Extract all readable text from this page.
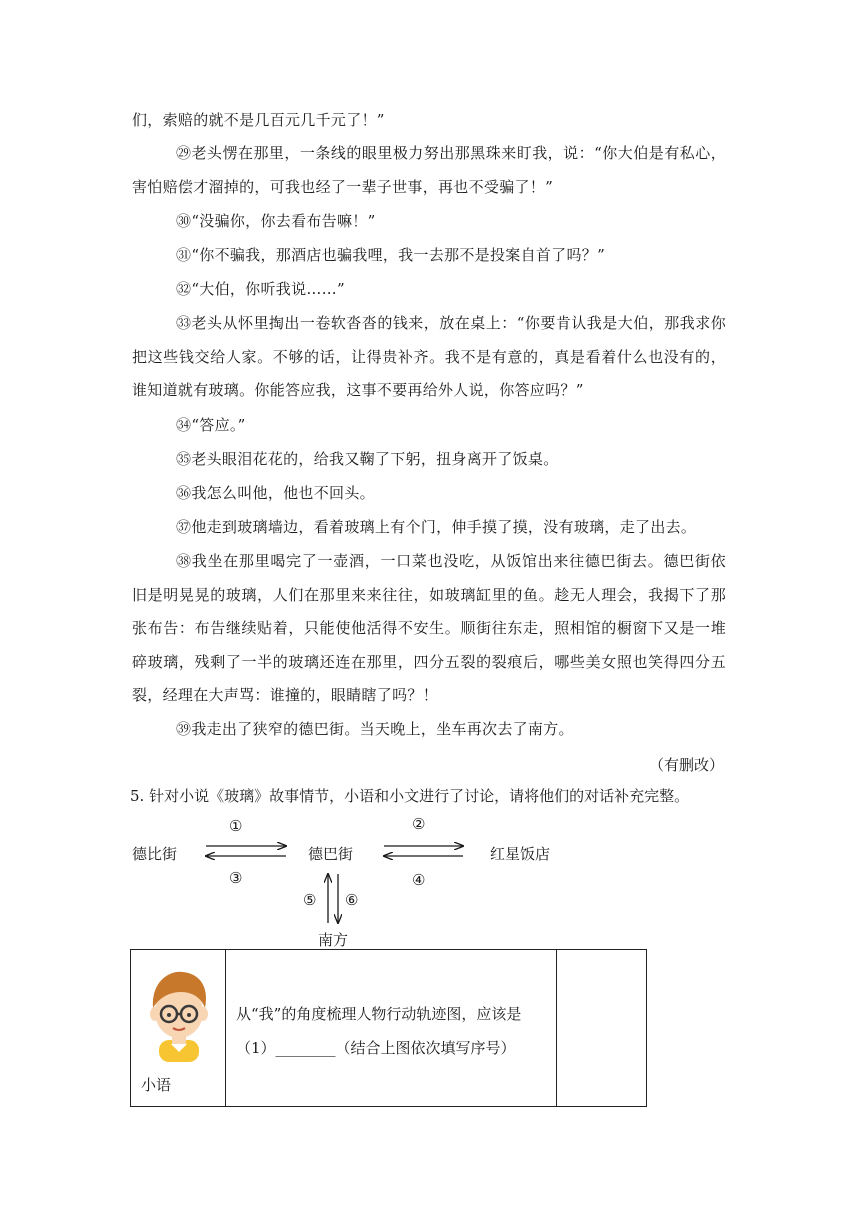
们，索赔的就不是几百元几千元了！”

㉙老头愣在那里，一条线的眼里极力努出那黑珠来盯我，说：“你大伯是有私心，害怕赔偿才溜掉的，可我也经了一辈子世事，再也不受骗了！”

㉚“没骗你，你去看布告嘛！”

㉛“你不骗我，那酒店也骗我哩，我一去那不是投案自首了吗？”

㉜“大伯，你听我说……”

㉝老头从怀里掏出一卷软沓沓的钱来，放在桌上：“你要肯认我是大伯，那我求你把这些钱交给人家。不够的话，让得贵补齐。我不是有意的，真是看着什么也没有的，谁知道就有玻璃。你能答应我，这事不要再给外人说，你答应吗？”

㉞“答应。”

㉟老头眼泪花花的，给我又鞠了下躬，扭身离开了饭桌。

㊱我怎么叫他，他也不回头。

㊲他走到玻璃墙边，看着玻璃上有个门，伸手摸了摸，没有玻璃，走了出去。

㊳我坐在那里喝完了一壶酒，一口菜也没吃，从饭馆出来往德巴街去。德巴街依旧是明晃晃的玻璃，人们在那里来来往往，如玻璃缸里的鱼。趁无人理会，我揭下了那张布告：布告继续贴着，只能使他活得不安生。顺街往东走，照相馆的橱窗下又是一堆碎玻璃，残剩了一半的玻璃还连在那里，四分五裂的裂痕后，哪些美女照也笑得四分五裂，经理在大声骂：谁撞的，眼睛瞎了吗？！

㊴我走出了狭窄的德巴街。当天晚上，坐车再次去了南方。

（有删改）
5. 针对小说《玻璃》故事情节，小语和小文进行了讨论，请将他们的对话补充完整。
德比街	德巴街	红星饭店
南方
①	②
③	④
⑤ ⑥
小语

从“我”的角度梳理人物行动轨迹图，应该是

（1）________（结合上图依次填写序号）
